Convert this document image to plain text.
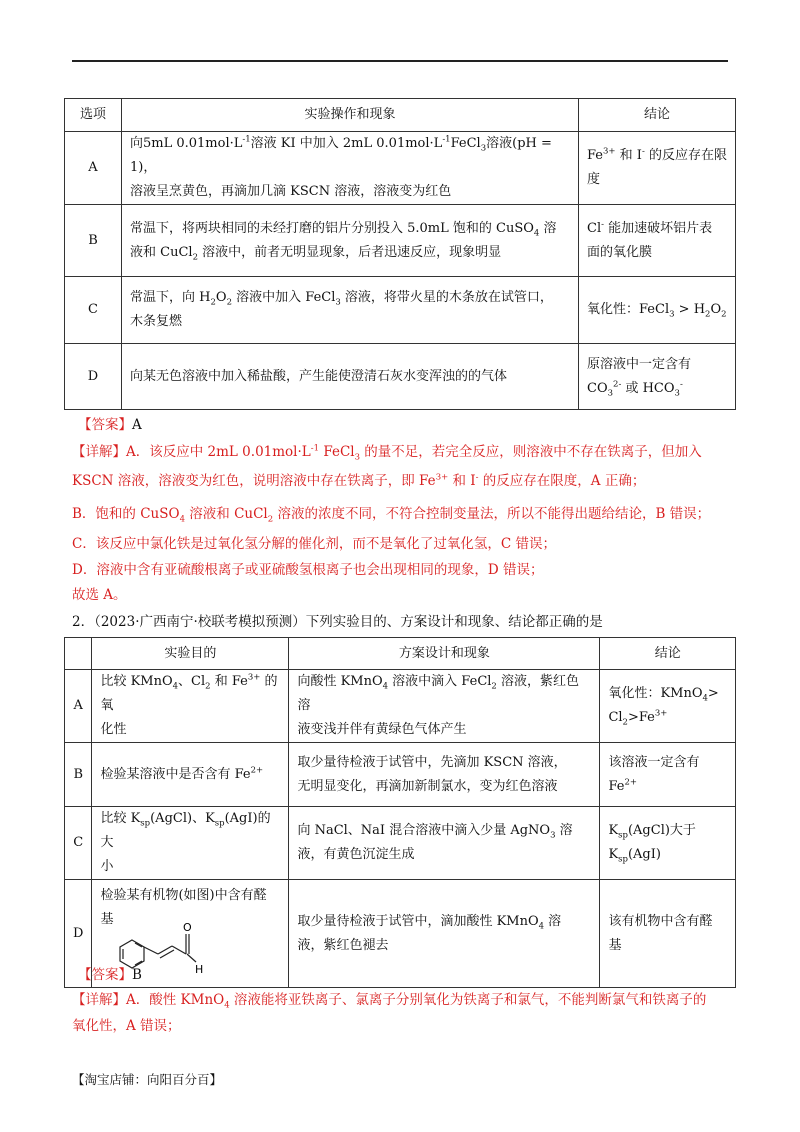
选项	实验操作和现象	结论
A	向5mL $0.01mol\cdot L^{-1}$溶液 KI 中加入 2mL $0.01mol\cdot L^{-1}FeCl_3$溶液(pH = 1)，
溶液呈烹黄色，再滴加几滴 KSCN 溶液，溶液变为红色	$Fe^{3+}$ 和 I- 的反应存在限
度
B	常温下，将两块相同的未经打磨的铝片分别投入 5.0mL 饱和的 CuSO$_4$ 溶
液和 CuCl$_2$ 溶液中，前者无明显现象，后者迅速反应，现象明显	Cl- 能加速破坏铝片表
面的氧化膜
C	常温下，向 $H_2O_2$ 溶液中加入 FeCl$_3$ 溶液，将带火星的木条放在试管口，
木条复燃	氧化性：FeCl$_3$ > $H_2O_2$
D	向某无色溶液中加入稀盐酸，产生能使澄清石灰水变浑浊的的气体	原溶液中一定含有
$CO_3^{2-}$ 或 $HCO_3^-$
【答案】A

【详解】A．该反应中 2mL $0.01mol\cdot L^{-1}$ FeCl$_3$ 的量不足，若完全反应，则溶液中不存在铁离子，但加入

KSCN 溶液，溶液变为红色，说明溶液中存在铁离子，即 $Fe^{3+}$ 和 I- 的反应存在限度，A 正确；

B．饱和的 CuSO$_4$ 溶液和 CuCl$_2$ 溶液的浓度不同，不符合控制变量法，所以不能得出题给结论，B 错误；

C．该反应中氯化铁是过氧化氢分解的催化剂，而不是氧化了过氧化氢，C 错误；

D．溶液中含有亚硫酸根离子或亚硫酸氢根离子也会出现相同的现象，D 错误；

故选 A。

2．（2023·广西南宁·校联考模拟预测）下列实验目的、方案设计和现象、结论都正确的是

	实验目的	方案设计和现象	结论
A	比较 KMnO$_4$、$Cl_2$ 和 $Fe^{3+}$ 的氧
化性	向酸性 KMnO$_4$ 溶液中滴入 FeCl$_2$ 溶液，紫红色溶
液变浅并伴有黄绿色气体产生	氧化性：KMnO$_4$>
$Cl_2>Fe^{3+}$
B	检验某溶液中是否含有 $Fe^{2+}$	取少量待检液于试管中，先滴加 KSCN 溶液，
无明显变化，再滴加新制氯水，变为红色溶液	该溶液一定含有
$Fe^{2+}$
C	比较 $K_{sp}(AgCl)$、$K_{sp}(AgI)$的大
小	向 NaCl、NaI 混合溶液中滴入少量 AgNO$_3$ 溶
液，有黄色沉淀生成	$K_{sp}(AgCl)$大于
$K_{sp}(AgI)$
D	检验某有机物(如图)中含有醛
基
O
H	取少量待检液于试管中，滴加酸性 KMnO$_4$ 溶
液，紫红色褪去	该有机物中含有醛
基
【答案】B

【详解】A．酸性 KMnO$_4$ 溶液能将亚铁离子、氯离子分别氧化为铁离子和氯气，不能判断氯气和铁离子的

氧化性，A 错误；

【淘宝店铺：向阳百分百】
